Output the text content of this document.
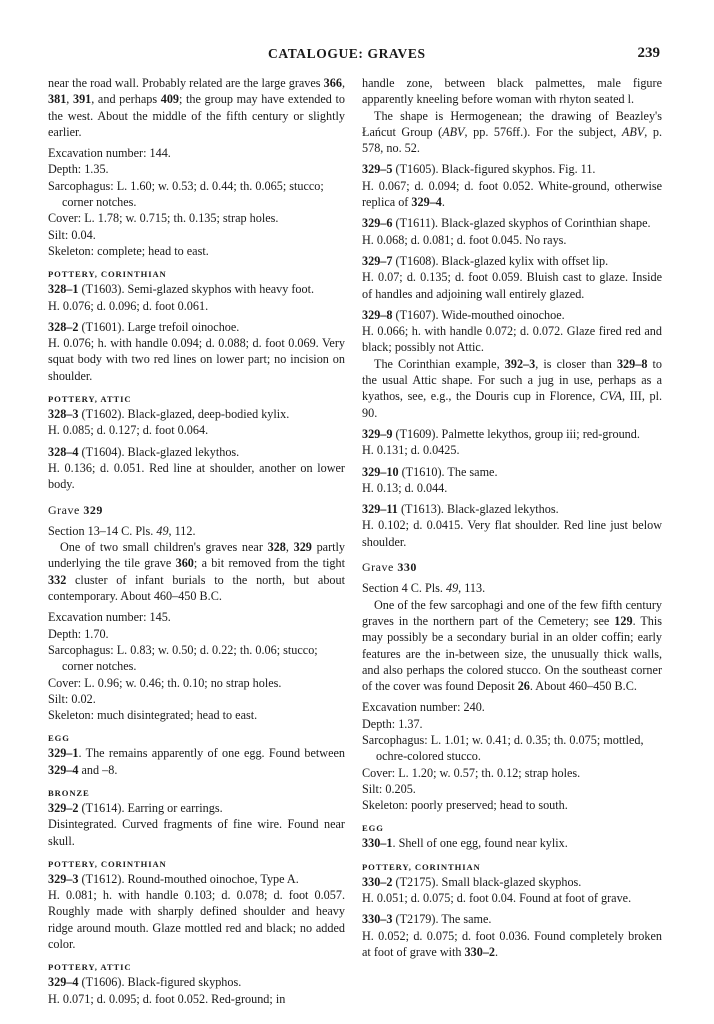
CATALOGUE: GRAVES	239

near the road wall. Probably related are the large graves 366, 381, 391, and perhaps 409; the group may have extended to the west. About the middle of the fifth century or slightly earlier.

Excavation number: 144.

Depth: 1.35.

Sarcophagus: L. 1.60; w. 0.53; d. 0.44; th. 0.065; stucco; corner notches.

Cover: L. 1.78; w. 0.715; th. 0.135; strap holes.

Silt: 0.04.

Skeleton: complete; head to east.

POTTERY, CORINTHIAN

328–1 (T1603). Semi-glazed skyphos with heavy foot.

H. 0.076; d. 0.096; d. foot 0.061.

328–2 (T1601). Large trefoil oinochoe.

H. 0.076; h. with handle 0.094; d. 0.088; d. foot 0.069. Very squat body with two red lines on lower part; no incision on shoulder.

POTTERY, ATTIC

328–3 (T1602). Black-glazed, deep-bodied kylix.

H. 0.085; d. 0.127; d. foot 0.064.

328–4 (T1604). Black-glazed lekythos.

H. 0.136; d. 0.051. Red line at shoulder, another on lower body.

Grave 329

Section 13–14 C. Pls. 49, 112.

One of two small children's graves near 328, 329 partly underlying the tile grave 360; a bit removed from the tight 332 cluster of infant burials to the north, but about contemporary. About 460–450 B.C.

Excavation number: 145.

Depth: 1.70.

Sarcophagus: L. 0.83; w. 0.50; d. 0.22; th. 0.06; stucco; corner notches.

Cover: L. 0.96; w. 0.46; th. 0.10; no strap holes.

Silt: 0.02.

Skeleton: much disintegrated; head to east.

EGG

329–1. The remains apparently of one egg. Found between 329–4 and –8.

BRONZE

329–2 (T1614). Earring or earrings.

Disintegrated. Curved fragments of fine wire. Found near skull.

POTTERY, CORINTHIAN

329–3 (T1612). Round-mouthed oinochoe, Type A.

H. 0.081; h. with handle 0.103; d. 0.078; d. foot 0.057. Roughly made with sharply defined shoulder and heavy ridge around mouth. Glaze mottled red and black; no added color.

POTTERY, ATTIC

329–4 (T1606). Black-figured skyphos.

H. 0.071; d. 0.095; d. foot 0.052. Red-ground; in

handle zone, between black palmettes, male figure apparently kneeling before woman with rhyton seated l.

The shape is Hermogenean; the drawing of Beazley's Łańcut Group (ABV, pp. 576ff.). For the subject, ABV, p. 578, no. 52.

329–5 (T1605). Black-figured skyphos. Fig. 11.

H. 0.067; d. 0.094; d. foot 0.052. White-ground, otherwise replica of 329–4.

329–6 (T1611). Black-glazed skyphos of Corinthian shape.

H. 0.068; d. 0.081; d. foot 0.045. No rays.

329–7 (T1608). Black-glazed kylix with offset lip.

H. 0.07; d. 0.135; d. foot 0.059. Bluish cast to glaze. Inside of handles and adjoining wall entirely glazed.

329–8 (T1607). Wide-mouthed oinochoe.

H. 0.066; h. with handle 0.072; d. 0.072. Glaze fired red and black; possibly not Attic.

The Corinthian example, 392–3, is closer than 329–8 to the usual Attic shape. For such a jug in use, perhaps as a kyathos, see, e.g., the Douris cup in Florence, CVA, III, pl. 90.

329–9 (T1609). Palmette lekythos, group iii; red-ground.

H. 0.131; d. 0.0425.

329–10 (T1610). The same.

H. 0.13; d. 0.044.

329–11 (T1613). Black-glazed lekythos.

H. 0.102; d. 0.0415. Very flat shoulder. Red line just below shoulder.

Grave 330

Section 4 C. Pls. 49, 113.

One of the few sarcophagi and one of the few fifth century graves in the northern part of the Cemetery; see 129. This may possibly be a secondary burial in an older coffin; early features are the in-between size, the unusually thick walls, and also perhaps the colored stucco. On the southeast corner of the cover was found Deposit 26. About 460–450 B.C.

Excavation number: 240.

Depth: 1.37.

Sarcophagus: L. 1.01; w. 0.41; d. 0.35; th. 0.075; mottled, ochre-colored stucco.

Cover: L. 1.20; w. 0.57; th. 0.12; strap holes.

Silt: 0.205.

Skeleton: poorly preserved; head to south.

EGG

330–1. Shell of one egg, found near kylix.

POTTERY, CORINTHIAN

330–2 (T2175). Small black-glazed skyphos.

H. 0.051; d. 0.075; d. foot 0.04. Found at foot of grave.

330–3 (T2179). The same.

H. 0.052; d. 0.075; d. foot 0.036. Found completely broken at foot of grave with 330–2.
